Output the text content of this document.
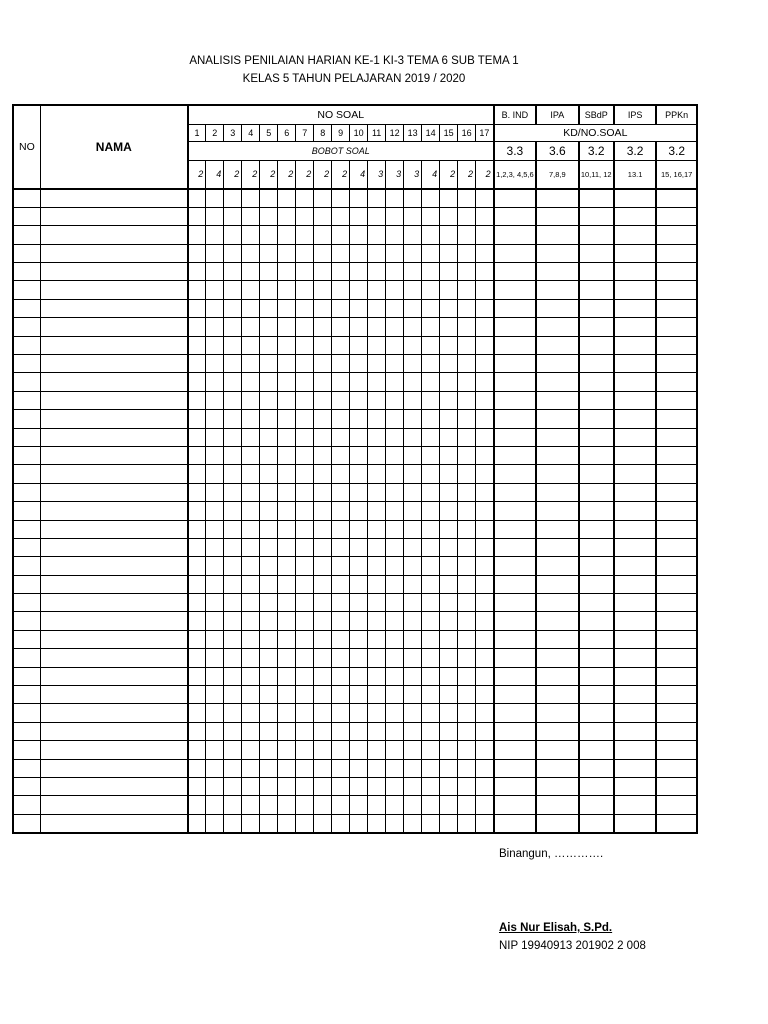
ANALISIS PENILAIAN HARIAN KE-1 KI-3 TEMA 6 SUB TEMA 1
KELAS 5 TAHUN PELAJARAN 2019 / 2020
NO	NAMA	NO SOAL																	B. IND	IPA	SBdP	IPS	PPKn
		1	2	3	4	5	6	7	8	9	10	11	12	13	14	15	16	17	KD/NO.SOAL				
		BOBOT SOAL																	3.3	3.6	3.2	3.2	3.2
		2	4	2	2	2	2	2	2	2	4	3	3	3	4	2	2	2	1,2,3, 4,5,6	7,8,9	10,11, 12	13.1	15, 16,17

Binangun, ………….
Ais Nur Elisah, S.Pd.
NIP 19940913 201902 2 008
